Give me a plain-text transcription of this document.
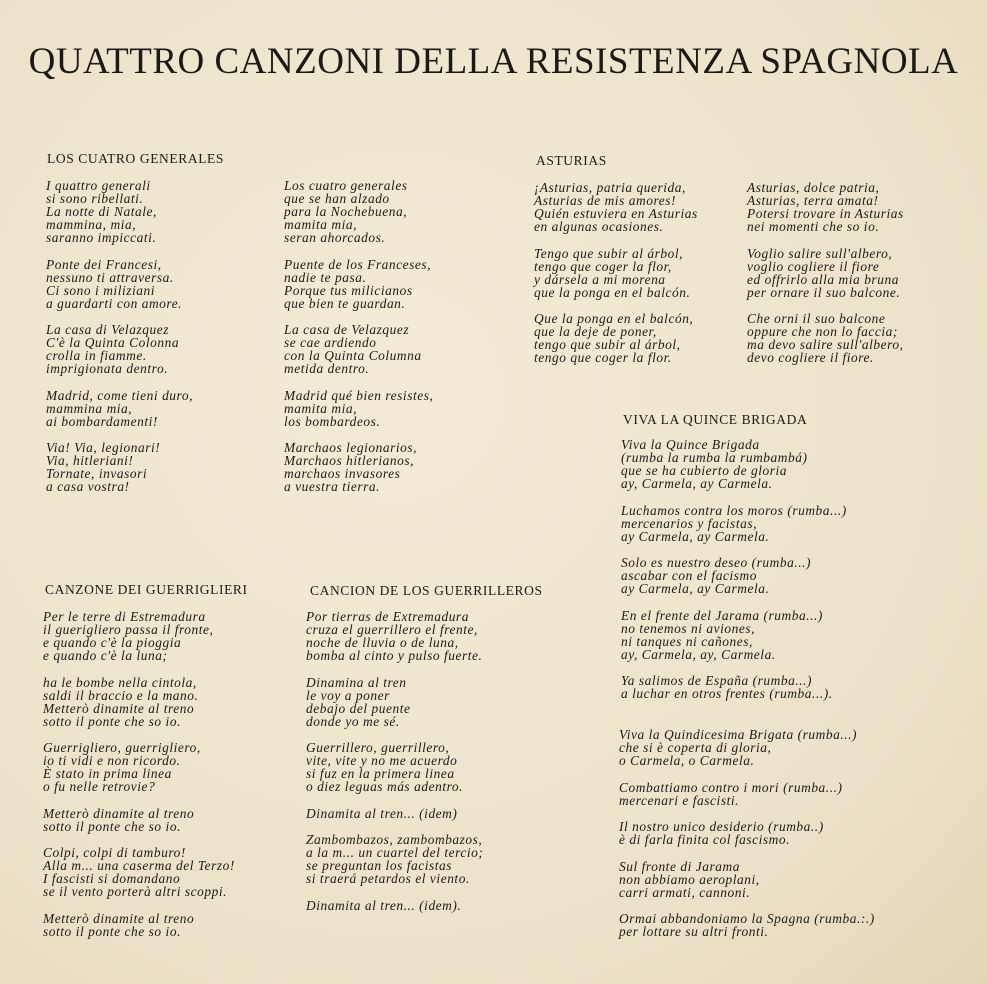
QUATTRO CANZONI DELLA RESISTENZA SPAGNOLA
LOS CUATRO GENERALES
I quattro generali
si sono ribellati.
La notte di Natale,
mammina, mia,
saranno impiccati.
Ponte dei Francesi,
nessuno ti attraversa.
Ci sono i miliziani
a guardarti con amore.
La casa di Velazquez
C'è la Quinta Colonna
crolla in fiamme.
imprigionata dentro.
Madrid, come tieni duro,
mammina mia,
ai bombardamenti!
Via! Via, legionari!
Via, hitleriani!
Tornate, invasori
a casa vostra!
Los cuatro generales
que se han alzado
para la Nochebuena,
mamita mia,
seran ahorcados.
Puente de los Franceses,
nadie te pasa.
Porque tus milicianos
que bien te guardan.
La casa de Velazquez
se cae ardiendo
con la Quinta Columna
metida dentro.
Madrid qué bien resistes,
mamita mia,
los bombardeos.
Marchaos legionarios,
Marchaos hitlerianos,
marchaos invasores
a vuestra tierra.
ASTURIAS
¡Asturias, patria querida,
Asturias de mis amores!
Quién estuviera en Asturias
en algunas ocasiones.
Tengo que subir al árbol,
tengo que coger la flor,
y dársela a mi morena
que la ponga en el balcón.
Que la ponga en el balcón,
que la deje de poner,
tengo que subir al árbol,
tengo que coger la flor.
Asturias, dolce patria,
Asturias, terra amata!
Potersi trovare in Asturias
nei momenti che so io.
Voglio salire sull'albero,
voglio cogliere il fiore
ed offrirlo alla mia bruna
per ornare il suo balcone.
Che orni il suo balcone
oppure che non lo faccia;
ma devo salire sull'albero,
devo cogliere il fiore.
VIVA LA QUINCE BRIGADA
Viva la Quince Brigada
(rumba la rumba la rumbambá)
que se ha cubierto de gloria
ay, Carmela, ay Carmela.
Luchamos contra los moros (rumba...)
mercenarios y facistas,
ay Carmela, ay Carmela.
Solo es nuestro deseo (rumba...)
ascabar con el facismo
ay Carmela, ay Carmela.
En el frente del Jarama (rumba...)
no tenemos ni aviones,
ni tanques ni cañones,
ay, Carmela, ay, Carmela.
Ya salimos de España (rumba...)
a luchar en otros frentes (rumba...).
Viva la Quindicesima Brigata (rumba...)
che si è coperta di gloria,
o Carmela, o Carmela.
Combattiamo contro i mori (rumba...)
mercenari e fascisti.
Il nostro unico desiderio (rumba..)
è di farla finita col fascismo.
Sul fronte di Jarama
non abbiamo aeroplani,
carri armati, cannoni.
Ormai abbandoniamo la Spagna (rumba.:.)
per lottare su altri fronti.
CANZONE DEI GUERRIGLIERI
Per le terre di Estremadura
il guerigliero passa il fronte,
e quando c'è la pioggia
e quando c'è la luna;
ha le bombe nella cintola,
saldi il braccio e la mano.
Metterò dinamite al treno
sotto il ponte che so io.
Guerrigliero, guerrigliero,
io ti vidi e non ricordo.
È stato in prima linea
o fu nelle retrovie?
Metterò dinamite al treno
sotto il ponte che so io.
Colpi, colpi di tamburo!
Alla m... una caserma del Terzo!
I fascisti si domandano
se il vento porterà altri scoppi.
Metterò dinamite al treno
sotto il ponte che so io.
CANCION DE LOS GUERRILLEROS
Por tierras de Extremadura
cruza el guerrillero el frente,
noche de lluvia o de luna,
bomba al cinto y pulso fuerte.
Dinamina al tren
le voy a poner
debajo del puente
donde yo me sé.
Guerrillero, guerrillero,
vite, vite y no me acuerdo
si fuz en la primera linea
o diez leguas más adentro.
Dinamita al tren... (idem)
Zambombazos, zambombazos,
a la m... un cuartel del tercio;
se preguntan los facistas
si traerá petardos el viento.
Dinamita al tren... (idem).
